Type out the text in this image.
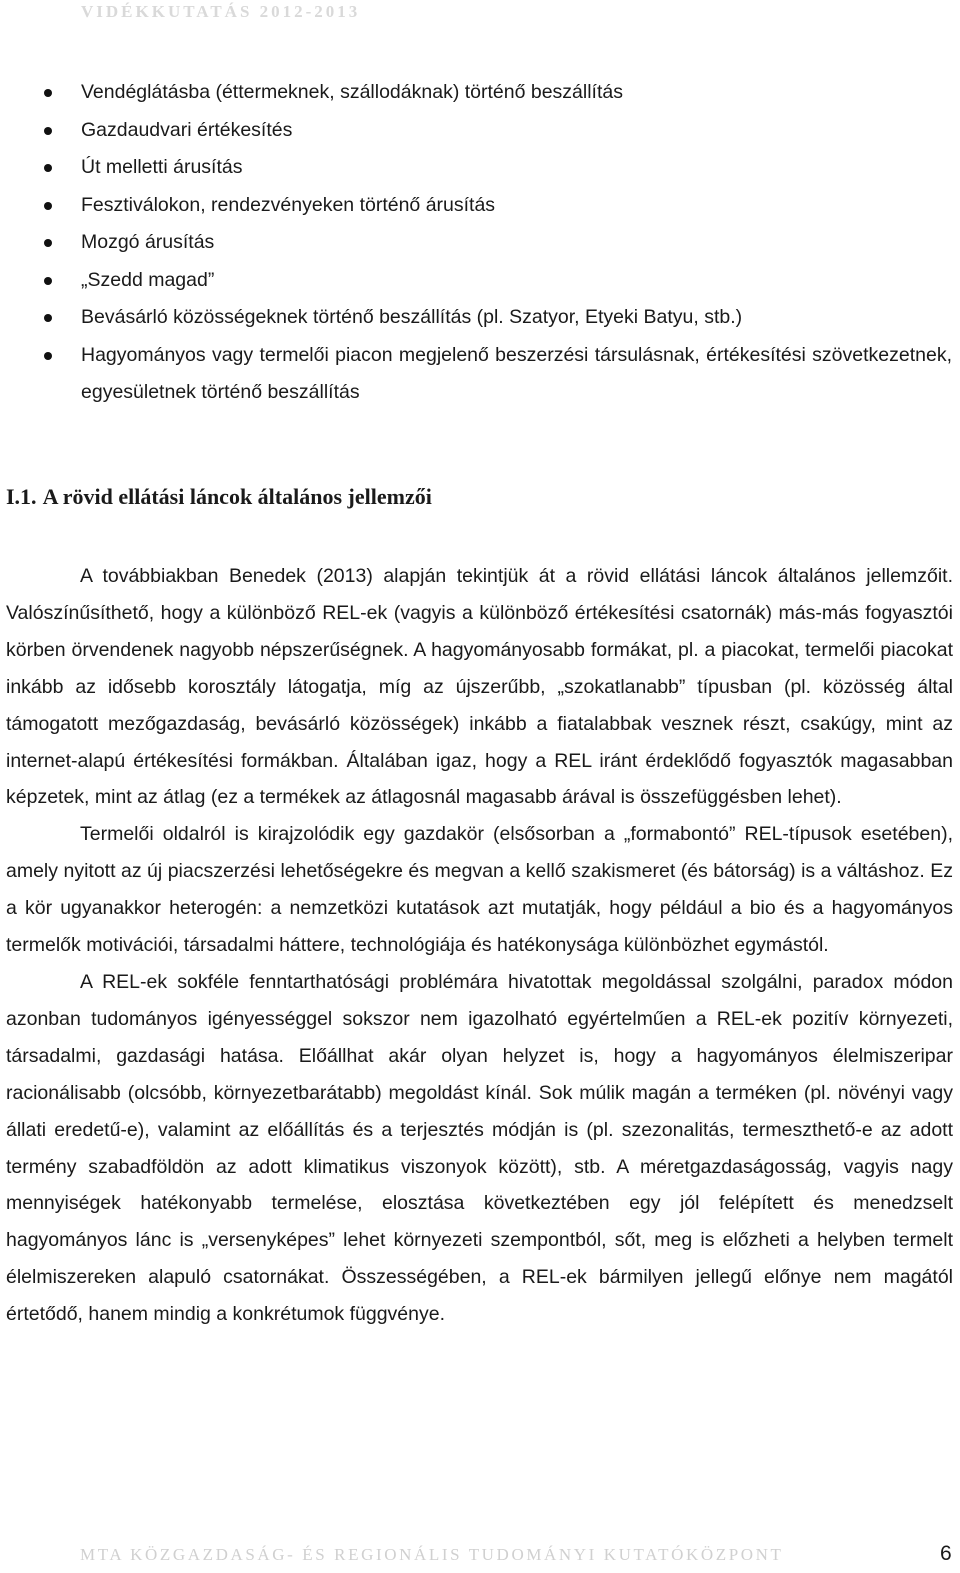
VIDÉKKUTATÁS 2012-2013
Vendéglátásba (éttermeknek, szállodáknak) történő beszállítás
Gazdaudvari értékesítés
Út melletti árusítás
Fesztiválokon, rendezvényeken történő árusítás
Mozgó árusítás
„Szedd magad”
Bevásárló közösségeknek történő beszállítás (pl. Szatyor, Etyeki Batyu, stb.)
Hagyományos vagy termelői piacon megjelenő beszerzési társulásnak, értékesítési szövetkezetnek, egyesületnek történő beszállítás
I.1. A rövid ellátási láncok általános jellemzői

A továbbiakban Benedek (2013) alapján tekintjük át a rövid ellátási láncok általános jellemzőit. Valószínűsíthető, hogy a különböző REL-ek (vagyis a különböző értékesítési csatornák) más-más fogyasztói körben örvendenek nagyobb népszerűségnek. A hagyományosabb formákat, pl. a piacokat, termelői piacokat inkább az idősebb korosztály látogatja, míg az újszerűbb, „szokatlanabb” típusban (pl. közösség által támogatott mezőgazdaság, bevásárló közösségek) inkább a fiatalabbak vesznek részt, csakúgy, mint az internet-alapú értékesítési formákban. Általában igaz, hogy a REL iránt érdeklődő fogyasztók magasabban képzetek, mint az átlag (ez a termékek az átlagosnál magasabb árával is összefüggésben lehet).

Termelői oldalról is kirajzolódik egy gazdakör (elsősorban a „formabontó” REL-típusok esetében), amely nyitott az új piacszerzési lehetőségekre és megvan a kellő szakismeret (és bátorság) is a váltáshoz. Ez a kör ugyanakkor heterogén: a nemzetközi kutatások azt mutatják, hogy például a bio és a hagyományos termelők motivációi, társadalmi háttere, technológiája és hatékonysága különbözhet egymástól.

A REL-ek sokféle fenntarthatósági problémára hivatottak megoldással szolgálni, paradox módon azonban tudományos igényességgel sokszor nem igazolható egyértelműen a REL-ek pozitív környezeti, társadalmi, gazdasági hatása. Előállhat akár olyan helyzet is, hogy a hagyományos élelmiszeripar racionálisabb (olcsóbb, környezetbarátabb) megoldást kínál. Sok múlik magán a terméken (pl. növényi vagy állati eredetű-e), valamint az előállítás és a terjesztés módján is (pl. szezonalitás, termeszthető-e az adott termény szabadföldön az adott klimatikus viszonyok között), stb. A méretgazdaságosság, vagyis nagy mennyiségek hatékonyabb termelése, elosztása következtében egy jól felépített és menedzselt hagyományos lánc is „versenyképes” lehet környezeti szempontból, sőt, meg is előzheti a helyben termelt élelmiszereken alapuló csatornákat. Összességében, a REL-ek bármilyen jellegű előnye nem magától értetődő, hanem mindig a konkrétumok függvénye.

MTA KÖZGAZDASÁG- ÉS REGIONÁLIS TUDOMÁNYI KUTATÓKÖZPONT	6
